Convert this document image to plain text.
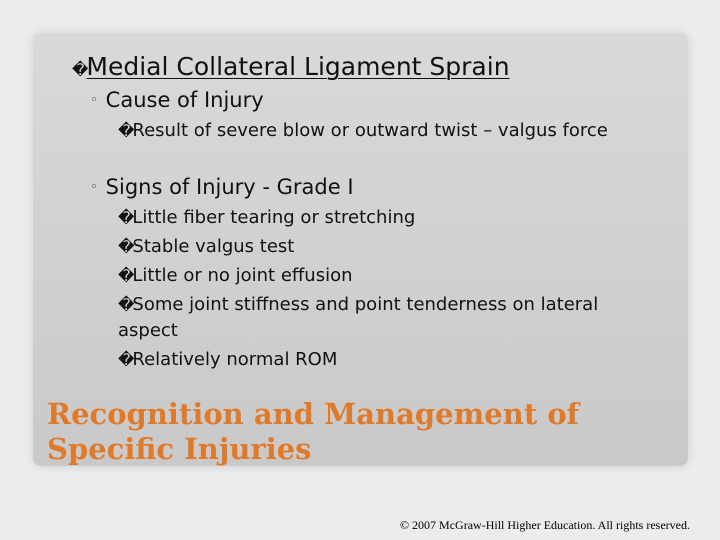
�Medial Collateral Ligament Sprain

◦ Cause of Injury

�Result of severe blow or outward twist – valgus force

◦ Signs of Injury - Grade I

�Little fiber tearing or stretching

�Stable valgus test

�Little or no joint effusion

�Some joint stiffness and point tenderness on lateral aspect

�Relatively normal ROM

Recognition and Management of Specific Injuries

© 2007 McGraw-Hill Higher Education. All rights reserved.
